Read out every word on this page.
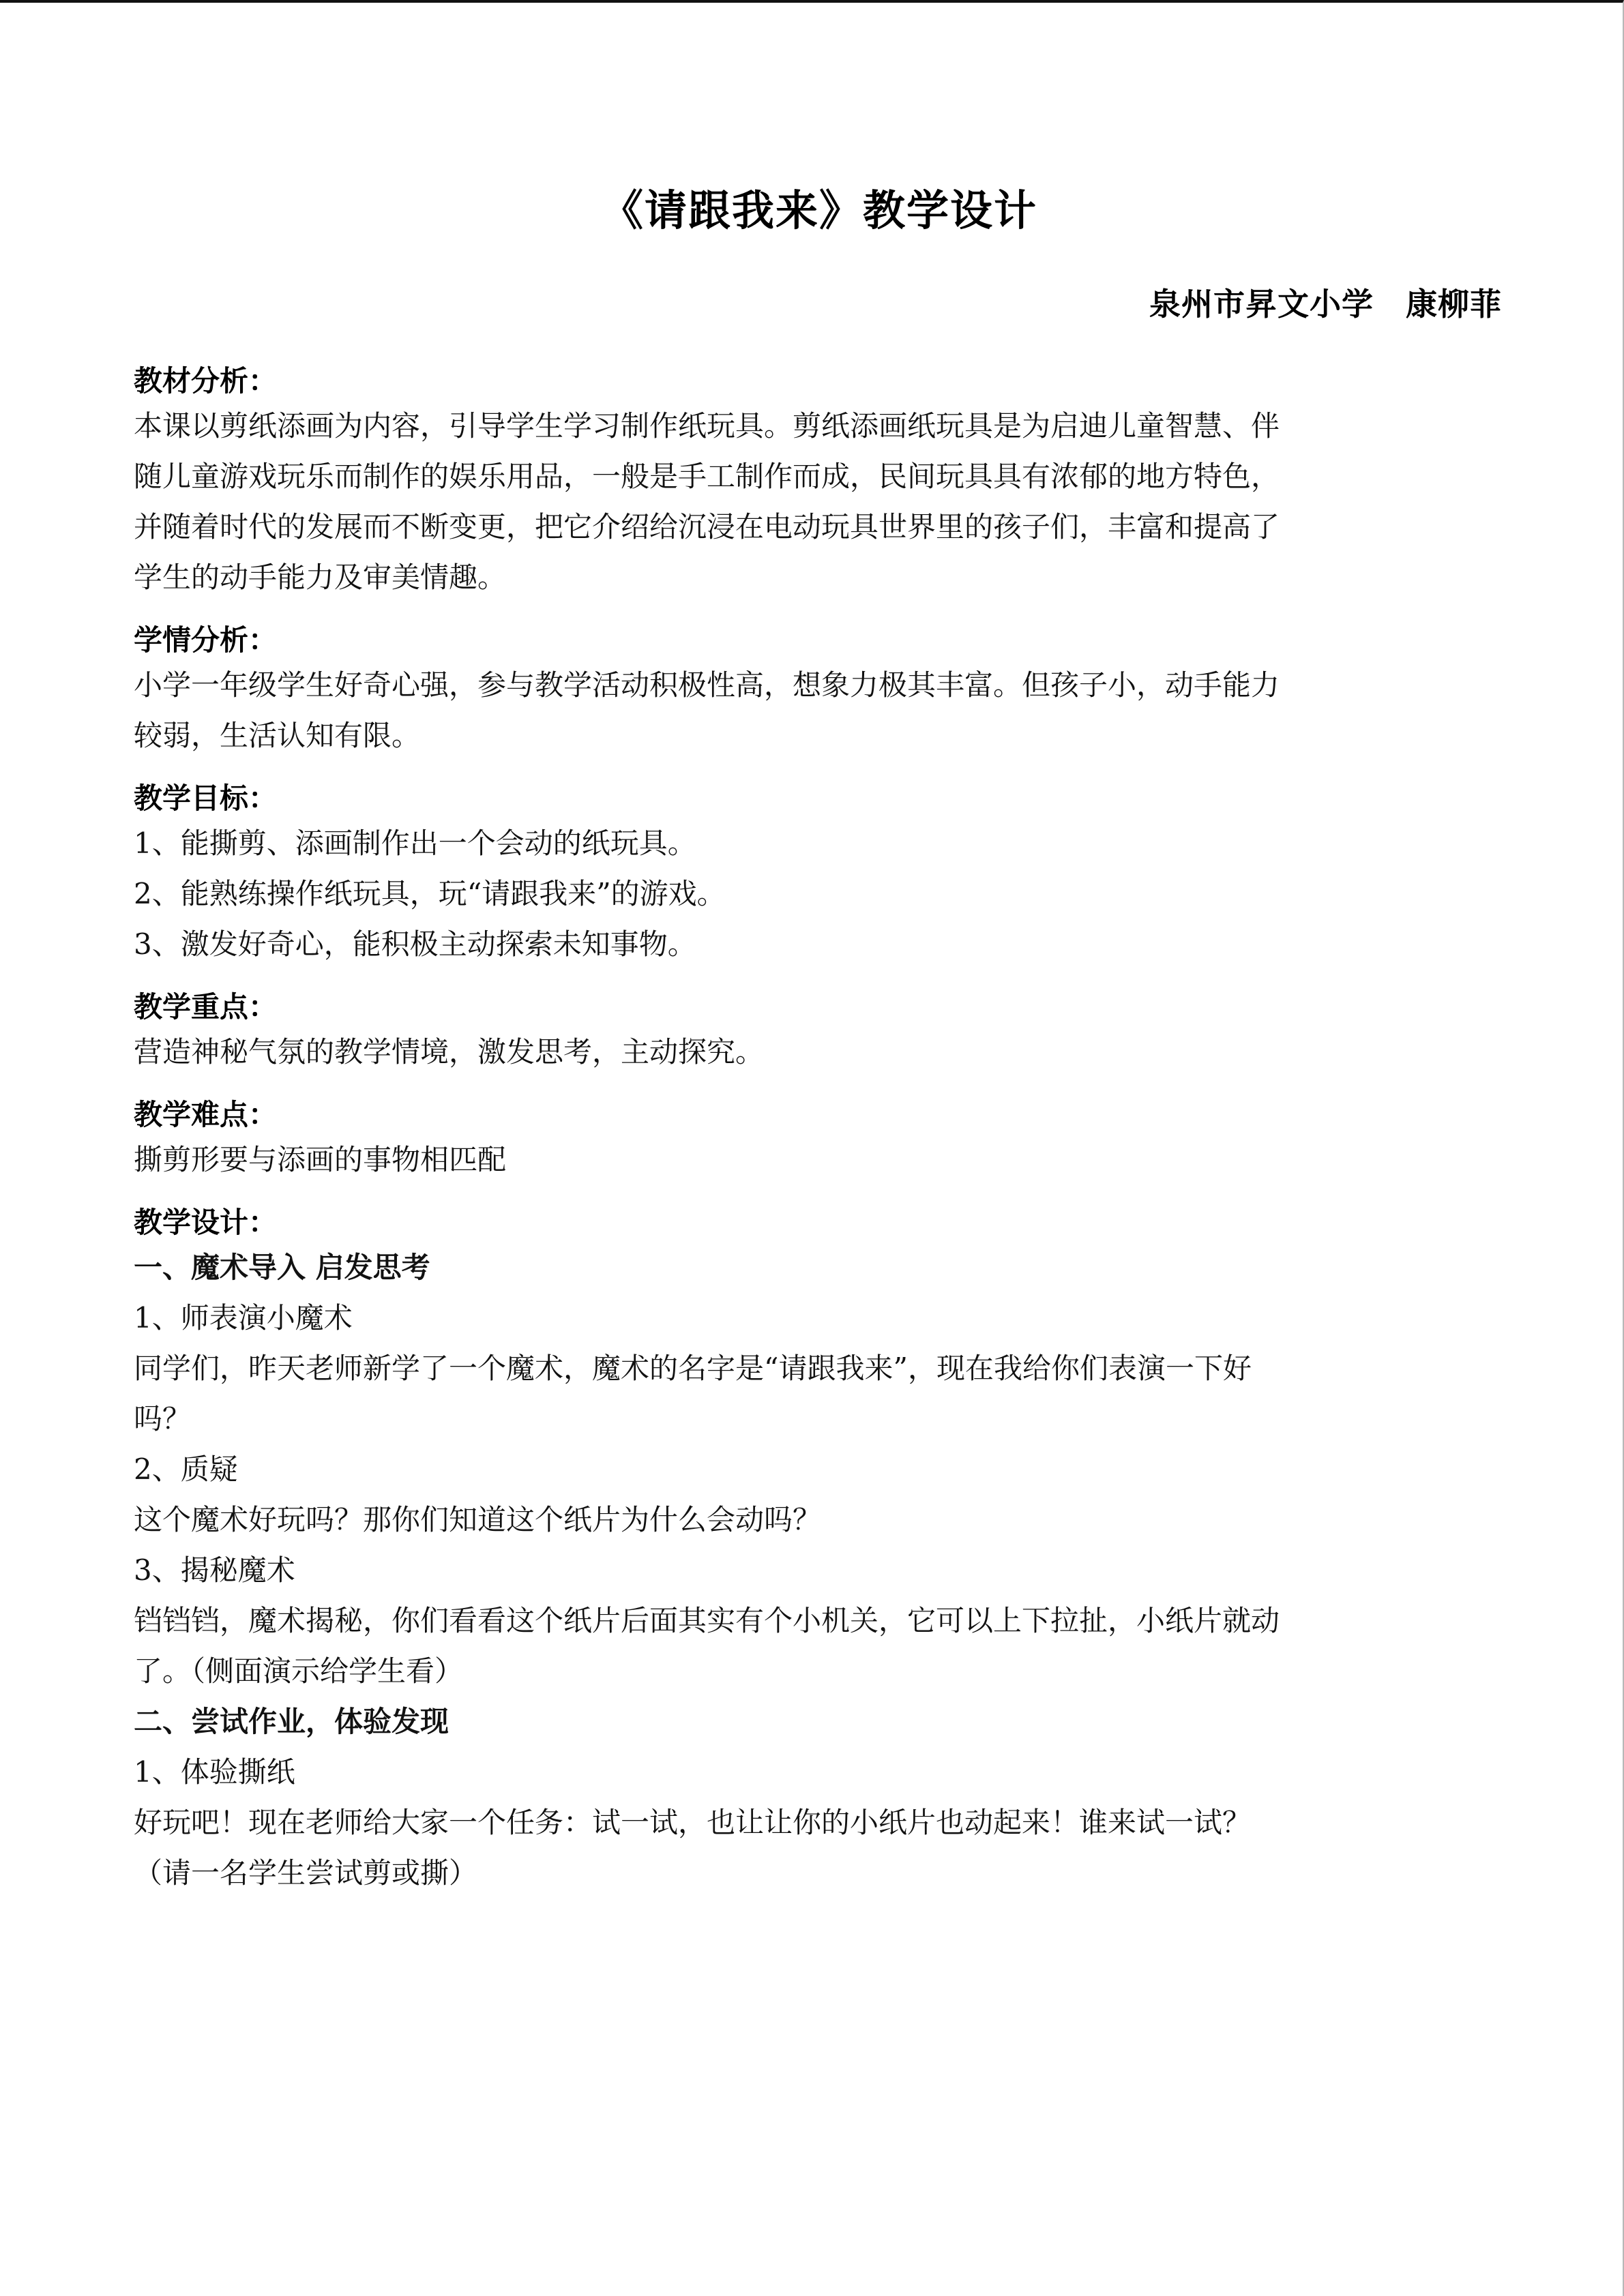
《请跟我来》教学设计
泉州市昇文小学　康柳菲
教材分析：
本课以剪纸添画为内容，引导学生学习制作纸玩具。剪纸添画纸玩具是为启迪儿童智慧、伴
随儿童游戏玩乐而制作的娱乐用品，一般是手工制作而成，民间玩具具有浓郁的地方特色，
并随着时代的发展而不断变更，把它介绍给沉浸在电动玩具世界里的孩子们，丰富和提高了
学生的动手能力及审美情趣。
学情分析：
小学一年级学生好奇心强，参与教学活动积极性高，想象力极其丰富。但孩子小，动手能力
较弱，生活认知有限。
教学目标：
1、能撕剪、添画制作出一个会动的纸玩具。
2、能熟练操作纸玩具，玩“请跟我来”的游戏。
3、激发好奇心，能积极主动探索未知事物。
教学重点：
营造神秘气氛的教学情境，激发思考，主动探究。
教学难点：
撕剪形要与添画的事物相匹配
教学设计：
一、魔术导入 启发思考
1、师表演小魔术
同学们，昨天老师新学了一个魔术，魔术的名字是“请跟我来”，现在我给你们表演一下好
吗？
2、质疑
这个魔术好玩吗？那你们知道这个纸片为什么会动吗？
3、揭秘魔术
铛铛铛，魔术揭秘，你们看看这个纸片后面其实有个小机关，它可以上下拉扯，小纸片就动
了。（侧面演示给学生看）
二、尝试作业，体验发现
1、体验撕纸
好玩吧！现在老师给大家一个任务：试一试，也让让你的小纸片也动起来！谁来试一试？
（请一名学生尝试剪或撕）
